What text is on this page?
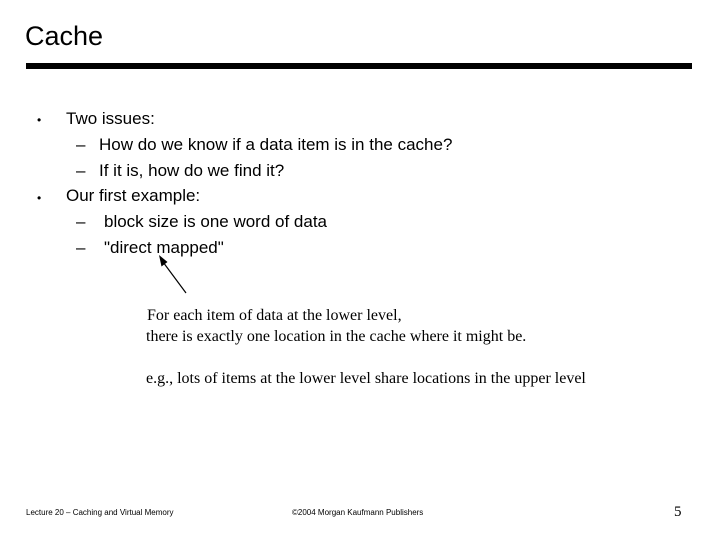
Cache
• Two issues:
– How do we know if a data item is in the cache?
– If it is, how do we find it?
• Our first example:
– block size is one word of data
– "direct mapped"
For each item of data at the lower level,
there is exactly one location in the cache where it might be.
e.g., lots of items at the lower level share locations in the upper level
Lecture 20 – Caching and Virtual Memory	©2004 Morgan Kaufmann Publishers	5
